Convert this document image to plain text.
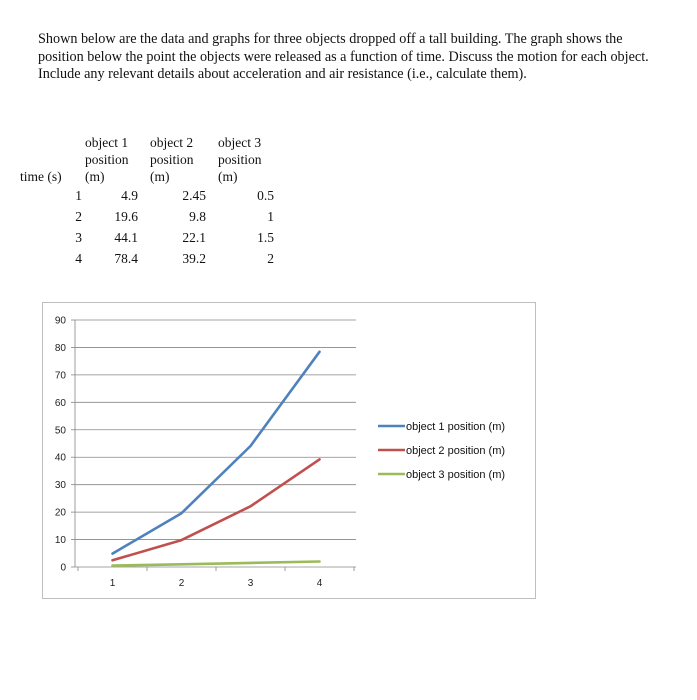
Shown below are the data and graphs for three objects dropped off a tall building. The graph shows the position below the point the objects were released as a function of time. Discuss the motion for each object. Include any relevant details about acceleration and air resistance (i.e., calculate them).

time (s)	object 1
position
(m)	object 2
position
(m)	object 3
position
(m)

1	4.9	2.45	0.5
2	19.6	9.8	1
3	44.1	22.1	1.5
4	78.4	39.2	2
0
10
20
30
40
50
60
70
80
90
1	2	3	4
object 1 position (m)
object 2 position (m)
object 3 position (m)
